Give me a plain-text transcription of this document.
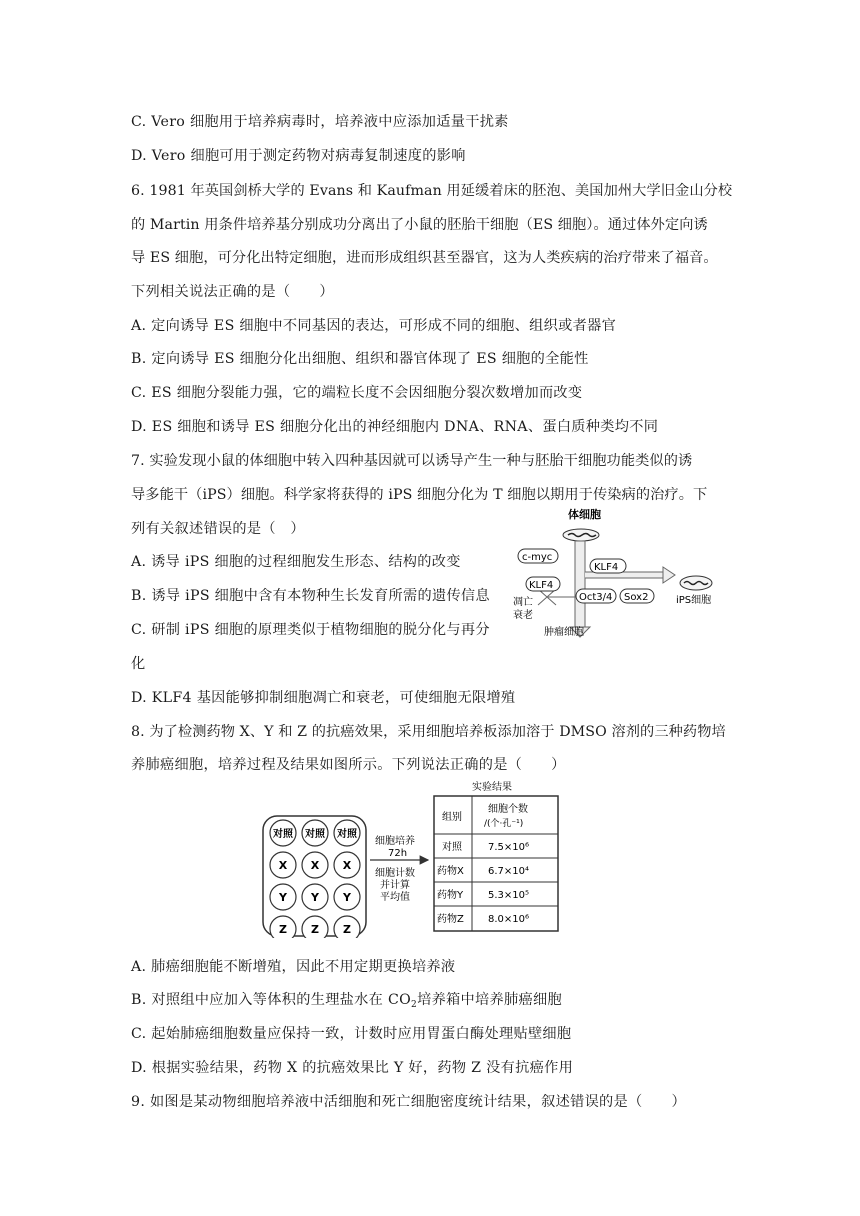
C. Vero 细胞用于培养病毒时，培养液中应添加适量干扰素
D. Vero 细胞可用于测定药物对病毒复制速度的影响
6. 1981 年英国剑桥大学的 Evans 和 Kaufman 用延缓着床的胚泡、美国加州大学旧金山分校
的 Martin 用条件培养基分别成功分离出了小鼠的胚胎干细胞（ES 细胞）。通过体外定向诱
导 ES 细胞，可分化出特定细胞，进而形成组织甚至器官，这为人类疾病的治疗带来了福音。
下列相关说法正确的是（　　）
A. 定向诱导 ES 细胞中不同基因的表达，可形成不同的细胞、组织或者器官
B. 定向诱导 ES 细胞分化出细胞、组织和器官体现了 ES 细胞的全能性
C. ES 细胞分裂能力强，它的端粒长度不会因细胞分裂次数增加而改变
D. ES 细胞和诱导 ES 细胞分化出的神经细胞内 DNA、RNA、蛋白质种类均不同
7. 实验发现小鼠的体细胞中转入四种基因就可以诱导产生一种与胚胎干细胞功能类似的诱
导多能干（iPS）细胞。科学家将获得的 iPS 细胞分化为 T 细胞以期用于传染病的治疗。下
列有关叙述错误的是（　）
A. 诱导 iPS 细胞的过程细胞发生形态、结构的改变
B. 诱导 iPS 细胞中含有本物种生长发育所需的遗传信息
C. 研制 iPS 细胞的原理类似于植物细胞的脱分化与再分
化
D. KLF4 基因能够抑制细胞凋亡和衰老，可使细胞无限增殖
8. 为了检测药物 X、Y 和 Z 的抗癌效果，采用细胞培养板添加溶于 DMSO 溶剂的三种药物培
养肺癌细胞，培养过程及结果如图所示。下列说法正确的是（　　）
体细胞
c-myc
KLF4
KLF4
Oct3/4 Sox2	iPS细胞
凋亡
衰老
肿瘤细胞
对照 对照 对照
X X X
Y Y Y
Z Z Z
细胞培养
72h
细胞计数
并计算
平均值
实验结果
组别
细胞个数
/(个·孔⁻¹)
对照	7.5×10⁶
药物X 6.7×10⁴
药物Y 5.3×10⁵
药物Z 8.0×10⁶
A. 肺癌细胞能不断增殖，因此不用定期更换培养液
B. 对照组中应加入等体积的生理盐水在 $CO_2$培养箱中培养肺癌细胞
C. 起始肺癌细胞数量应保持一致，计数时应用胃蛋白酶处理贴壁细胞
D. 根据实验结果，药物 X 的抗癌效果比 Y 好，药物 Z 没有抗癌作用
9. 如图是某动物细胞培养液中活细胞和死亡细胞密度统计结果，叙述错误的是（　　）
